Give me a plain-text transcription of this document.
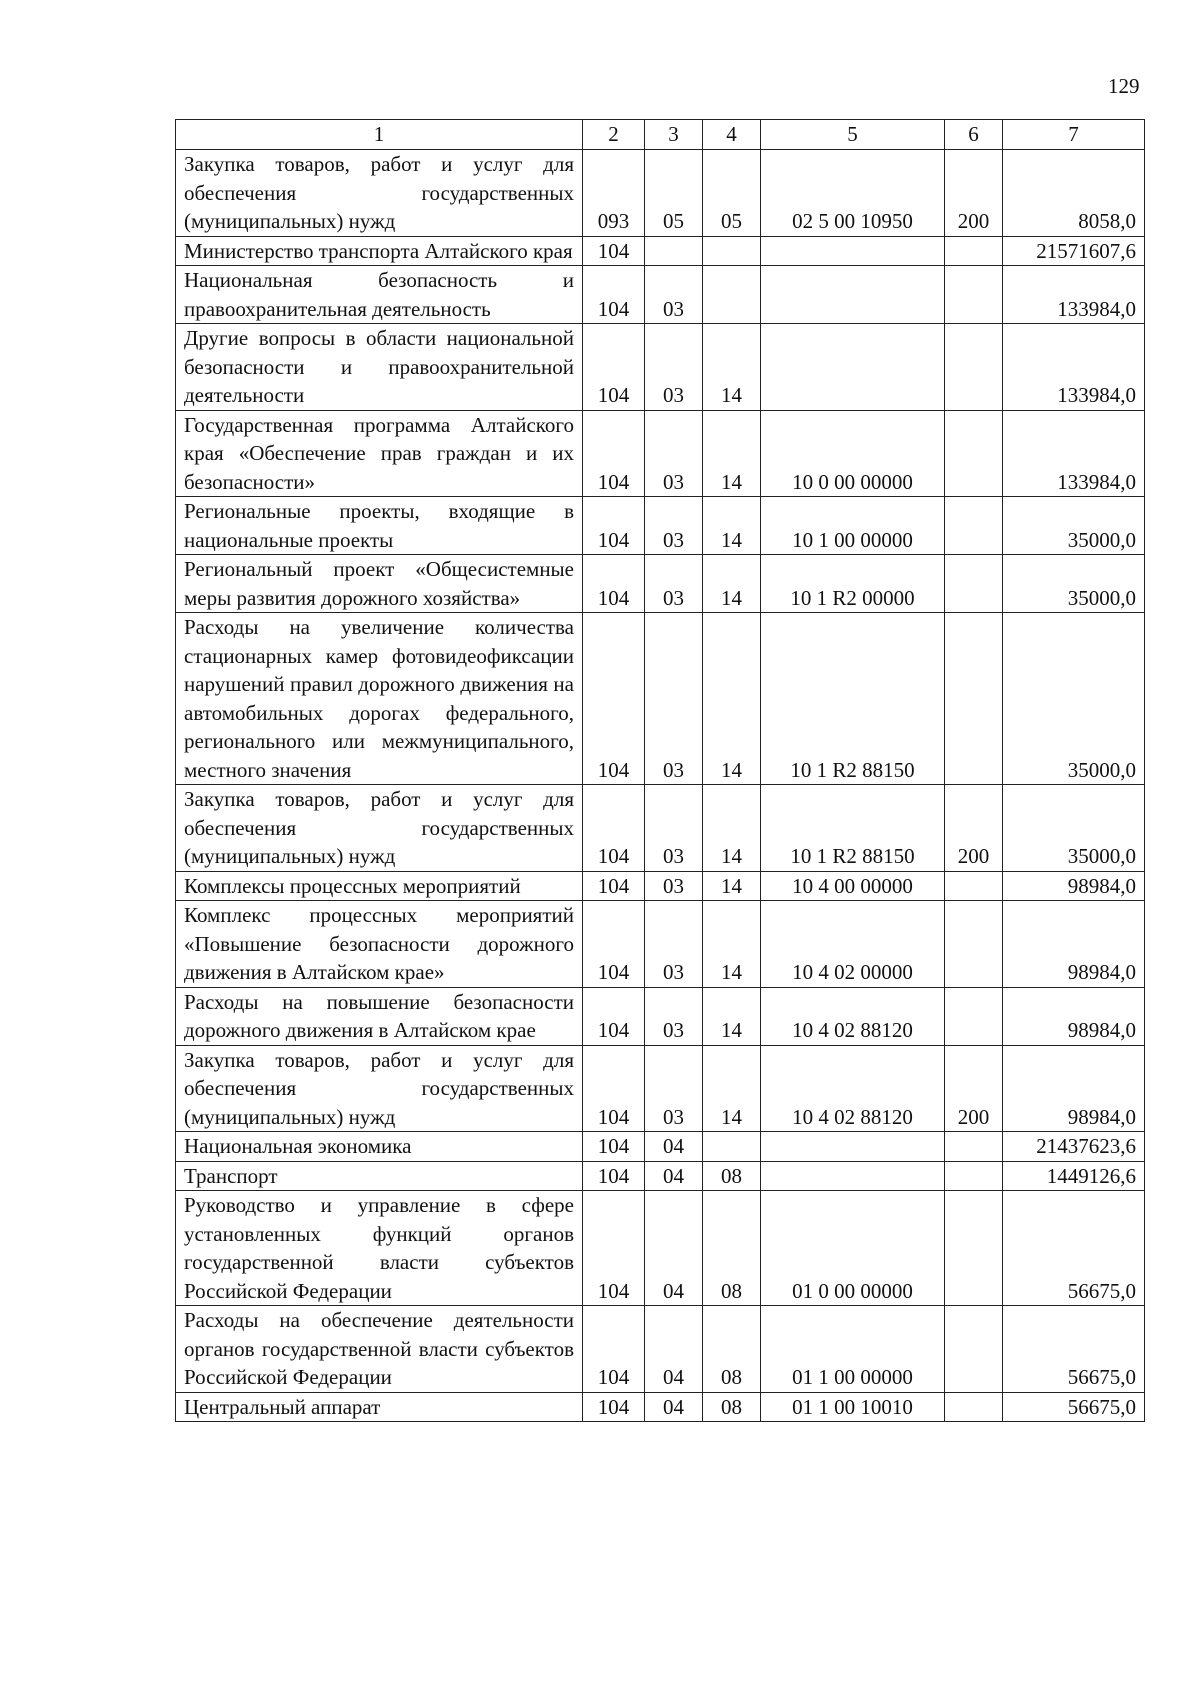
129
1	2	3	4	5	6	7
Закупка товаров, работ и услуг для обеспечения государственных (муниципальных) нужд	093	05	05	02 5 00 10950	200	8058,0
Министерство транспорта Алтайского края	104					21571607,6
Национальная безопасность и правоохранительная деятельность	104	03				133984,0
Другие вопросы в области национальной безопасности и правоохранительной деятельности	104	03	14			133984,0
Государственная программа Алтайского края «Обеспечение прав граждан и их безопасности»	104	03	14	10 0 00 00000		133984,0
Региональные проекты, входящие в национальные проекты	104	03	14	10 1 00 00000		35000,0
Региональный проект «Общесистемные меры развития дорожного хозяйства»	104	03	14	10 1 R2 00000		35000,0
Расходы на увеличение количества стационарных камер фотовидеофиксации нарушений правил дорожного движения на автомобильных дорогах федерального, регионального или межмуниципального, местного значения	104	03	14	10 1 R2 88150		35000,0
Закупка товаров, работ и услуг для обеспечения государственных (муниципальных) нужд	104	03	14	10 1 R2 88150	200	35000,0
Комплексы процессных мероприятий	104	03	14	10 4 00 00000		98984,0
Комплекс процессных мероприятий «Повышение безопасности дорожного движения в Алтайском крае»	104	03	14	10 4 02 00000		98984,0
Расходы на повышение безопасности дорожного движения в Алтайском крае	104	03	14	10 4 02 88120		98984,0
Закупка товаров, работ и услуг для обеспечения государственных (муниципальных) нужд	104	03	14	10 4 02 88120	200	98984,0
Национальная экономика	104	04				21437623,6
Транспорт	104	04	08			1449126,6
Руководство и управление в сфере установленных функций органов государственной власти субъектов Российской Федерации	104	04	08	01 0 00 00000		56675,0
Расходы на обеспечение деятельности органов государственной власти субъектов Российской Федерации	104	04	08	01 1 00 00000		56675,0
Центральный аппарат	104	04	08	01 1 00 10010		56675,0
